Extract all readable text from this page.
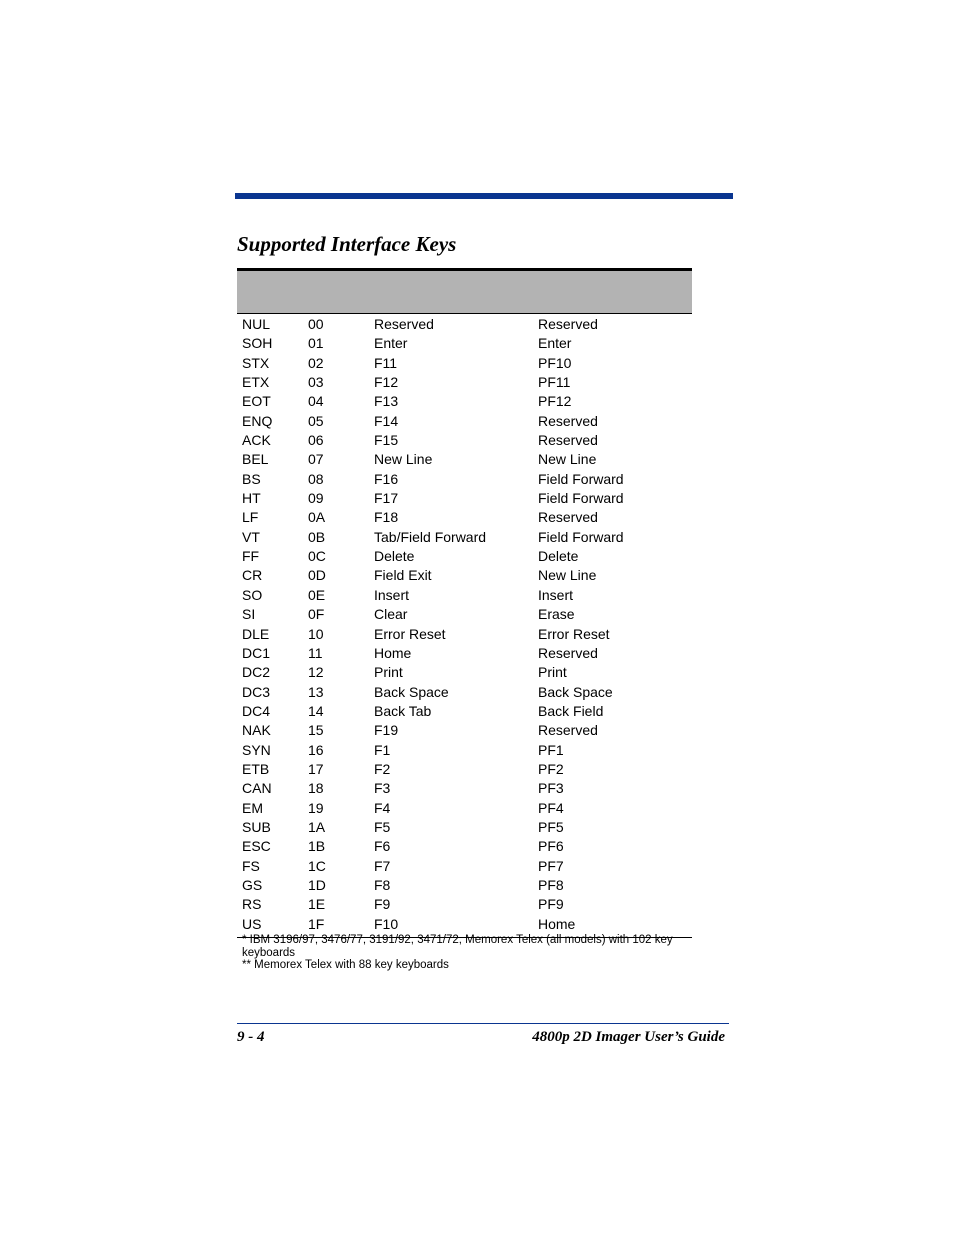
Supported Interface Keys
NUL	00	Reserved	Reserved
SOH	01	Enter	Enter
STX	02	F11	PF10
ETX	03	F12	PF11
EOT	04	F13	PF12
ENQ	05	F14	Reserved
ACK	06	F15	Reserved
BEL	07	New Line	New Line
BS	08	F16	Field Forward
HT	09	F17	Field Forward
LF	0A	F18	Reserved
VT	0B	Tab/Field Forward	Field Forward
FF	0C	Delete	Delete
CR	0D	Field Exit	New Line
SO	0E	Insert	Insert
SI	0F	Clear	Erase
DLE	10	Error Reset	Error Reset
DC1	11	Home	Reserved
DC2	12	Print	Print
DC3	13	Back Space	Back Space
DC4	14	Back Tab	Back Field
NAK	15	F19	Reserved
SYN	16	F1	PF1
ETB	17	F2	PF2
CAN	18	F3	PF3
EM	19	F4	PF4
SUB	1A	F5	PF5
ESC	1B	F6	PF6
FS	1C	F7	PF7
GS	1D	F8	PF8
RS	1E	F9	PF9
US	1F	F10	Home
* IBM 3196/97, 3476/77, 3191/92, 3471/72, Memorex Telex (all models) with 102 key keyboards
** Memorex Telex with 88 key keyboards
9 - 4	4800p 2D Imager User’s Guide
